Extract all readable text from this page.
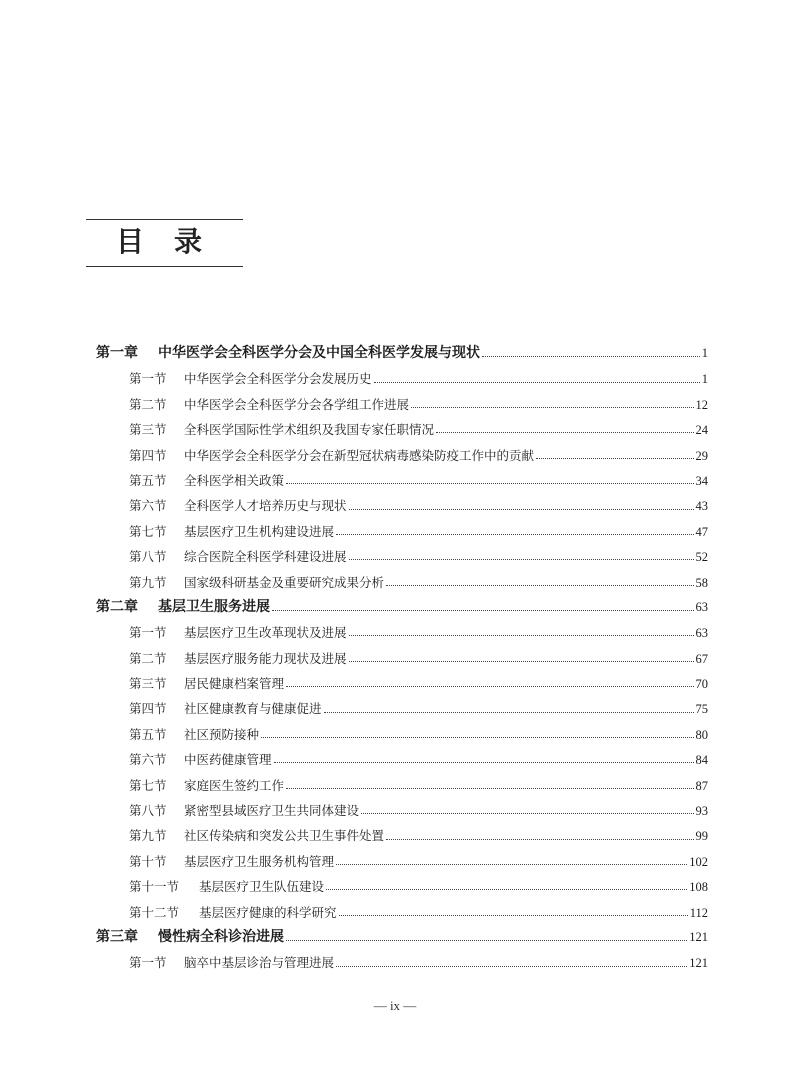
目录
第一章	中华医学会全科医学分会及中国全科医学发展与现状	1
第一节	中华医学会全科医学分会发展历史	1
第二节	中华医学会全科医学分会各学组工作进展	12
第三节	全科医学国际性学术组织及我国专家任职情况	24
第四节	中华医学会全科医学分会在新型冠状病毒感染防疫工作中的贡献	29
第五节	全科医学相关政策	34
第六节	全科医学人才培养历史与现状	43
第七节	基层医疗卫生机构建设进展	47
第八节	综合医院全科医学科建设进展	52
第九节	国家级科研基金及重要研究成果分析	58
第二章	基层卫生服务进展	63
第一节	基层医疗卫生改革现状及进展	63
第二节	基层医疗服务能力现状及进展	67
第三节	居民健康档案管理	70
第四节	社区健康教育与健康促进	75
第五节	社区预防接种	80
第六节	中医药健康管理	84
第七节	家庭医生签约工作	87
第八节	紧密型县域医疗卫生共同体建设	93
第九节	社区传染病和突发公共卫生事件处置	99
第十节	基层医疗卫生服务机构管理	102
第十一节	基层医疗卫生队伍建设	108
第十二节	基层医疗健康的科学研究	112
第三章	慢性病全科诊治进展	121
第一节	脑卒中基层诊治与管理进展	121
— ix —
